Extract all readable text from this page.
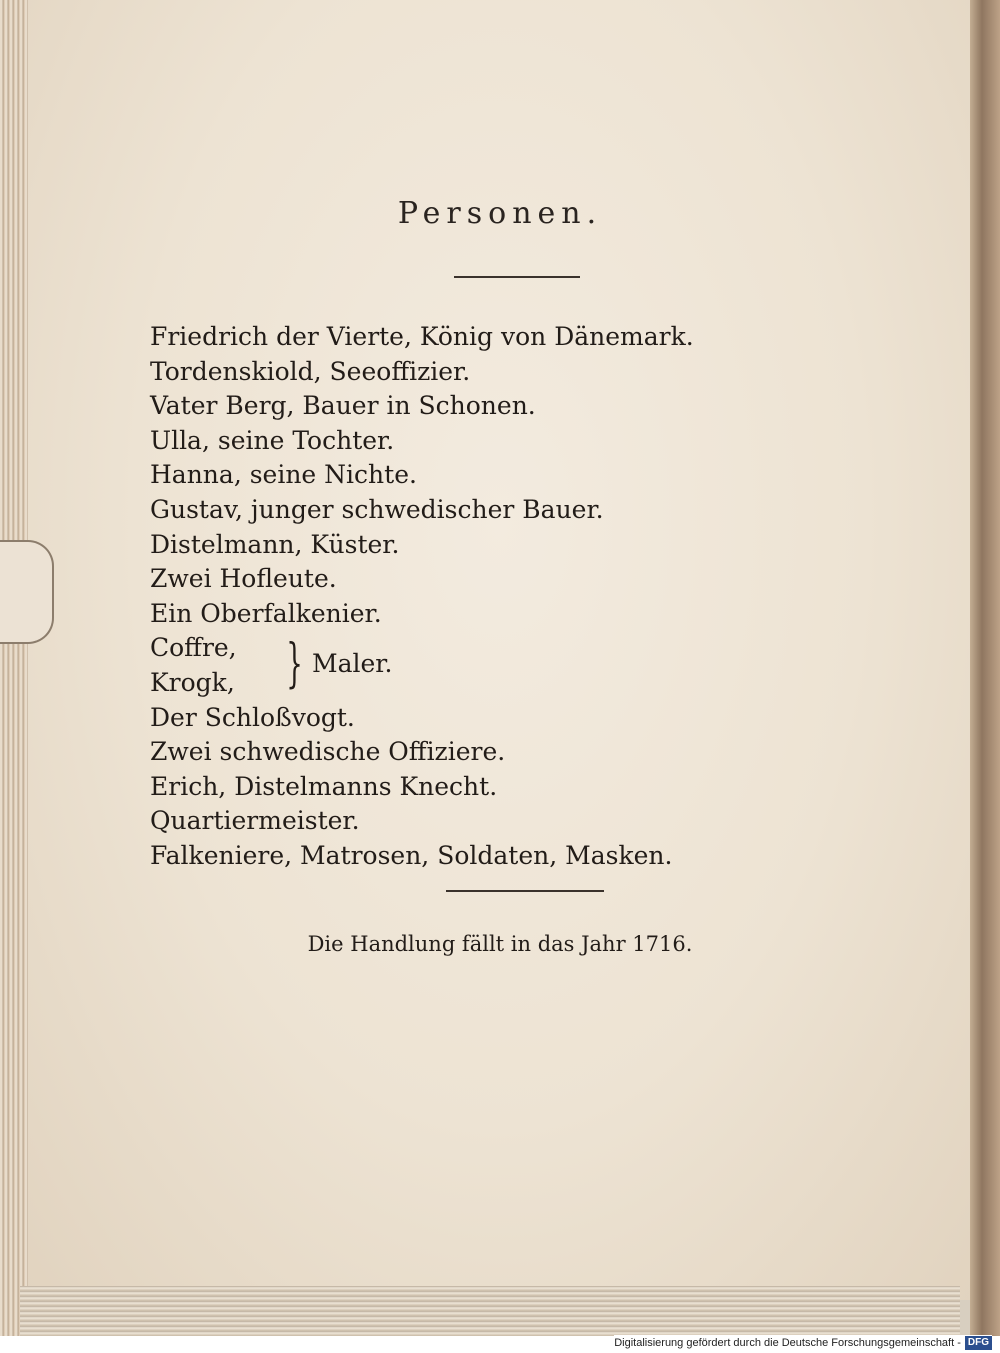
Personen.
Friedrich der Vierte, König von Dänemark.
Tordenskiold, Seeoffizier.
Vater Berg, Bauer in Schonen.
Ulla, seine Tochter.
Hanna, seine Nichte.
Gustav, junger schwedischer Bauer.
Distelmann, Küster.
Zwei Hofleute.
Ein Oberfalkenier.
Coffre,
Krogk, } Maler.
Der Schloßvogt.
Zwei schwedische Offiziere.
Erich, Distelmanns Knecht.
Quartiermeister.
Falkeniere, Matrosen, Soldaten, Masken.
Die Handlung fällt in das Jahr 1716.
Digitalisierung gefördert durch die Deutsche Forschungsgemeinschaft - DFG
